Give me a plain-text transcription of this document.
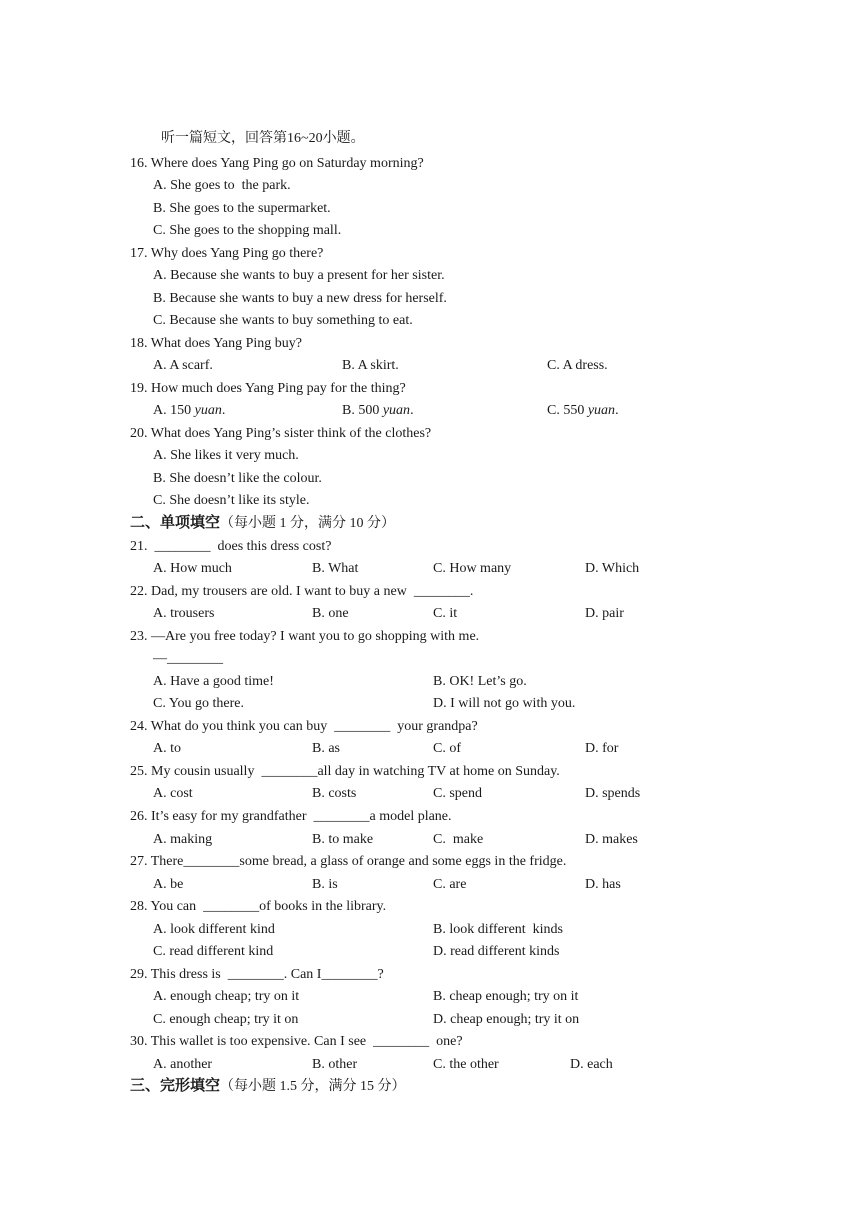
听一篇短文，回答第16~20小题。
16. Where does Yang Ping go on Saturday morning?
A. She goes to  the park.
B. She goes to the supermarket.
C. She goes to the shopping mall.
17. Why does Yang Ping go there?
A. Because she wants to buy a present for her sister.
B. Because she wants to buy a new dress for herself.
C. Because she wants to buy something to eat.
18. What does Yang Ping buy?
A. A scarf.	B. A skirt.	C. A dress.
19. How much does Yang Ping pay for the thing?
A. 150 yuan.	B. 500 yuan.	C. 550 yuan.
20. What does Yang Ping’s sister think of the clothes?
A. She likes it very much.
B. She doesn’t like the colour.
C. She doesn’t like its style.
二、单项填空（每小题 1 分，满分 10 分）
21.  ________  does this dress cost?
A. How much	B. What	C. How many	D. Which
22. Dad, my trousers are old. I want to buy a new  ________.
A. trousers	B. one	C. it	D. pair
23. —Are you free today? I want you to go shopping with me.
—________
A. Have a good time!	B. OK! Let’s go.
C. You go there.	D. I will not go with you.
24. What do you think you can buy  ________  your grandpa?
A. to	B. as	C. of	D. for
25. My cousin usually  ________all day in watching TV at home on Sunday.
A. cost	B. costs	C. spend	D. spends
26. It’s easy for my grandfather  ________a model plane.
A. making	B. to make	C.  make	D. makes
27. There________some bread, a glass of orange and some eggs in the fridge.
A. be	B. is	C. are	D. has
28. You can  ________of books in the library.
A. look different kind	B. look different  kinds
C. read different kind	D. read different kinds
29. This dress is  ________. Can I________?
A. enough cheap; try on it	B. cheap enough; try on it
C. enough cheap; try it on	D. cheap enough; try it on
30. This wallet is too expensive. Can I see  ________  one?
A. another	B. other	C. the other	D. each
三、完形填空（每小题 1.5 分，满分 15 分）
